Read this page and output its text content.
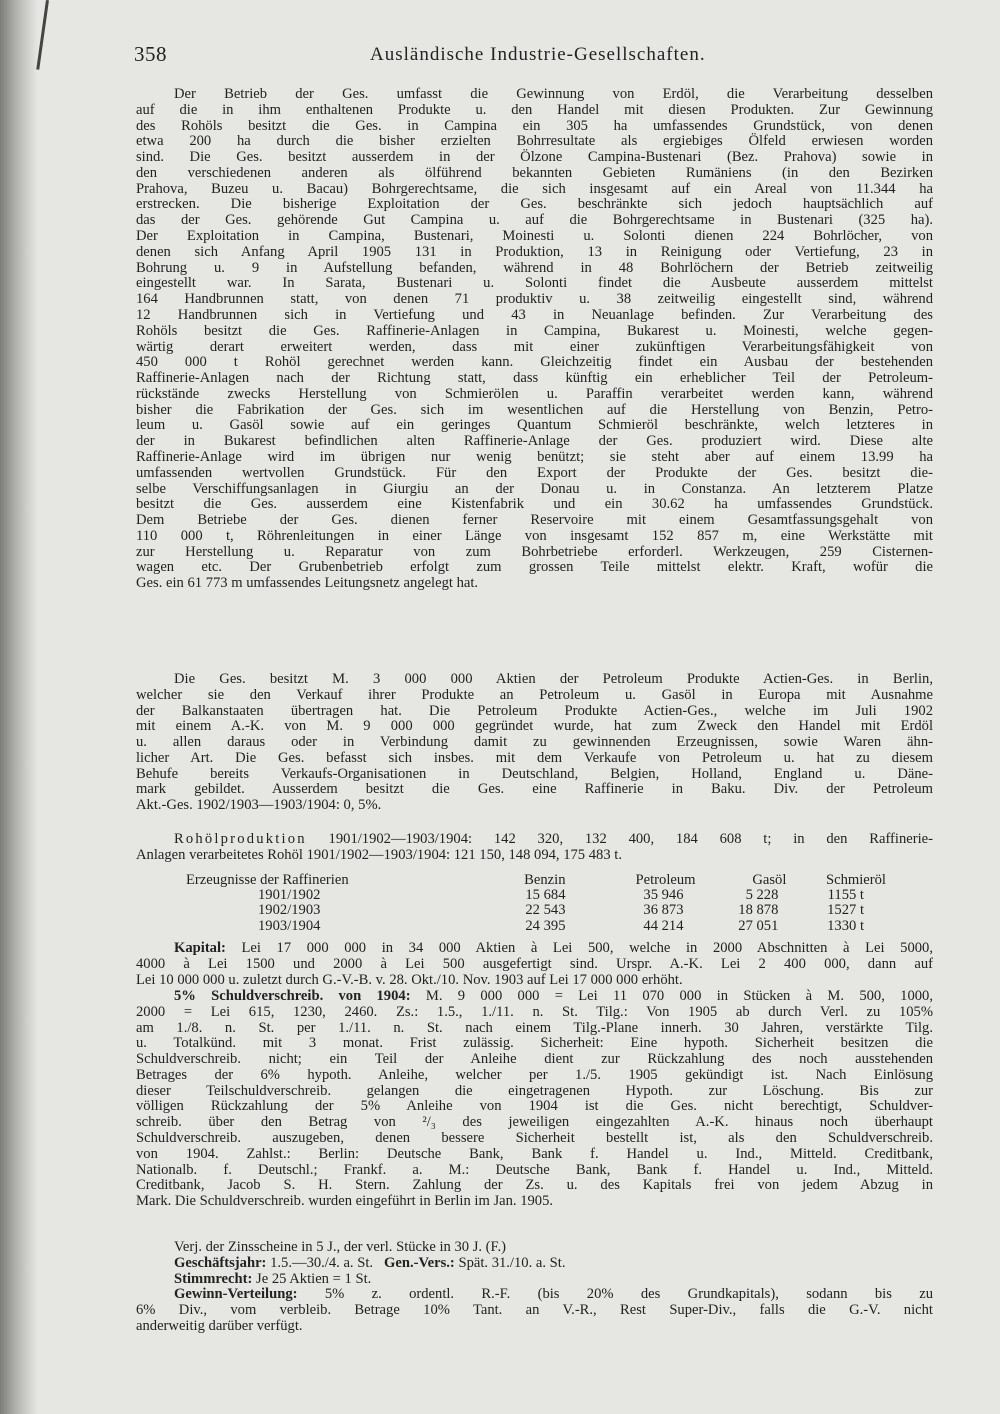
358	Ausländische Industrie-Gesellschaften.
Der Betrieb der Ges. umfasst die Gewinnung von Erdöl, die Verarbeitung desselben
auf die in ihm enthaltenen Produkte u. den Handel mit diesen Produkten. Zur Gewinnung
des Rohöls besitzt die Ges. in Campina ein 305 ha umfassendes Grundstück, von denen
etwa 200 ha durch die bisher erzielten Bohrresultate als ergiebiges Ölfeld erwiesen worden
sind. Die Ges. besitzt ausserdem in der Ölzone Campina-Bustenari (Bez. Prahova) sowie in
den verschiedenen anderen als ölführend bekannten Gebieten Rumäniens (in den Bezirken
Prahova, Buzeu u. Bacau) Bohrgerechtsame, die sich insgesamt auf ein Areal von 11.344 ha
erstrecken. Die bisherige Exploitation der Ges. beschränkte sich jedoch hauptsächlich auf
das der Ges. gehörende Gut Campina u. auf die Bohrgerechtsame in Bustenari (325 ha).
Der Exploitation in Campina, Bustenari, Moinesti u. Solonti dienen 224 Bohrlöcher, von
denen sich Anfang April 1905 131 in Produktion, 13 in Reinigung oder Vertiefung, 23 in
Bohrung u. 9 in Aufstellung befanden, während in 48 Bohrlöchern der Betrieb zeitweilig
eingestellt war. In Sarata, Bustenari u. Solonti findet die Ausbeute ausserdem mittelst
164 Handbrunnen statt, von denen 71 produktiv u. 38 zeitweilig eingestellt sind, während
12 Handbrunnen sich in Vertiefung und 43 in Neuanlage befinden. Zur Verarbeitung des
Rohöls besitzt die Ges. Raffinerie-Anlagen in Campina, Bukarest u. Moinesti, welche gegen-
wärtig derart erweitert werden, dass mit einer zukünftigen Verarbeitungsfähigkeit von
450 000 t Rohöl gerechnet werden kann. Gleichzeitig findet ein Ausbau der bestehenden
Raffinerie-Anlagen nach der Richtung statt, dass künftig ein erheblicher Teil der Petroleum-
rückstände zwecks Herstellung von Schmierölen u. Paraffin verarbeitet werden kann, während
bisher die Fabrikation der Ges. sich im wesentlichen auf die Herstellung von Benzin, Petro-
leum u. Gasöl sowie auf ein geringes Quantum Schmieröl beschränkte, welch letzteres in
der in Bukarest befindlichen alten Raffinerie-Anlage der Ges. produziert wird. Diese alte
Raffinerie-Anlage wird im übrigen nur wenig benützt; sie steht aber auf einem 13.99 ha
umfassenden wertvollen Grundstück. Für den Export der Produkte der Ges. besitzt die-
selbe Verschiffungsanlagen in Giurgiu an der Donau u. in Constanza. An letzterem Platze
besitzt die Ges. ausserdem eine Kistenfabrik und ein 30.62 ha umfassendes Grundstück.
Dem Betriebe der Ges. dienen ferner Reservoire mit einem Gesamtfassungsgehalt von
110 000 t, Röhrenleitungen in einer Länge von insgesamt 152 857 m, eine Werkstätte mit
zur Herstellung u. Reparatur von zum Bohrbetriebe erforderl. Werkzeugen, 259 Cisternen-
wagen etc. Der Grubenbetrieb erfolgt zum grossen Teile mittelst elektr. Kraft, wofür die
Ges. ein 61 773 m umfassendes Leitungsnetz angelegt hat.
Die Ges. besitzt M. 3 000 000 Aktien der Petroleum Produkte Actien-Ges. in Berlin,
welcher sie den Verkauf ihrer Produkte an Petroleum u. Gasöl in Europa mit Ausnahme
der Balkanstaaten übertragen hat. Die Petroleum Produkte Actien-Ges., welche im Juli 1902
mit einem A.-K. von M. 9 000 000 gegründet wurde, hat zum Zweck den Handel mit Erdöl
u. allen daraus oder in Verbindung damit zu gewinnenden Erzeugnissen, sowie Waren ähn-
licher Art. Die Ges. befasst sich insbes. mit dem Verkaufe von Petroleum u. hat zu diesem
Behufe bereits Verkaufs-Organisationen in Deutschland, Belgien, Holland, England u. Däne-
mark gebildet. Ausserdem besitzt die Ges. eine Raffinerie in Baku. Div. der Petroleum
Akt.-Ges. 1902/1903—1903/1904: 0, 5%.
Rohölproduktion 1901/1902—1903/1904: 142 320, 132 400, 184 608 t; in den Raffinerie-
Anlagen verarbeitetes Rohöl 1901/1902—1903/1904: 121 150, 148 094, 175 483 t.
Erzeugnisse der Raffinerien	Benzin	Petroleum	Gasöl	Schmieröl
1901/1902	15 684	35 946	5 228	1155 t
1902/1903	22 543	36 873	18 878	1527 t
1903/1904	24 395	44 214	27 051	1330 t
Kapital: Lei 17 000 000 in 34 000 Aktien à Lei 500, welche in 2000 Abschnitten à Lei 5000,
4000 à Lei 1500 und 2000 à Lei 500 ausgefertigt sind. Urspr. A.-K. Lei 2 400 000, dann auf
Lei 10 000 000 u. zuletzt durch G.-V.-B. v. 28. Okt./10. Nov. 1903 auf Lei 17 000 000 erhöht.
5% Schuldverschreib. von 1904: M. 9 000 000 = Lei 11 070 000 in Stücken à M. 500, 1000,
2000 = Lei 615, 1230, 2460. Zs.: 1.5., 1./11. n. St. Tilg.: Von 1905 ab durch Verl. zu 105%
am 1./8. n. St. per 1./11. n. St. nach einem Tilg.-Plane innerh. 30 Jahren, verstärkte Tilg.
u. Totalkünd. mit 3 monat. Frist zulässig. Sicherheit: Eine hypoth. Sicherheit besitzen die
Schuldverschreib. nicht; ein Teil der Anleihe dient zur Rückzahlung des noch ausstehenden
Betrages der 6% hypoth. Anleihe, welcher per 1./5. 1905 gekündigt ist. Nach Einlösung
dieser Teilschuldverschreib. gelangen die eingetragenen Hypoth. zur Löschung. Bis zur
völligen Rückzahlung der 5% Anleihe von 1904 ist die Ges. nicht berechtigt, Schuldver-
schreib. über den Betrag von ²/₃ des jeweiligen eingezahlten A.-K. hinaus noch überhaupt
Schuldverschreib. auszugeben, denen bessere Sicherheit bestellt ist, als den Schuldverschreib.
von 1904. Zahlst.: Berlin: Deutsche Bank, Bank f. Handel u. Ind., Mitteld. Creditbank,
Nationalb. f. Deutschl.; Frankf. a. M.: Deutsche Bank, Bank f. Handel u. Ind., Mitteld.
Creditbank, Jacob S. H. Stern. Zahlung der Zs. u. des Kapitals frei von jedem Abzug in
Mark. Die Schuldverschreib. wurden eingeführt in Berlin im Jan. 1905.
Verj. der Zinsscheine in 5 J., der verl. Stücke in 30 J. (F.)
Geschäftsjahr: 1.5.—30./4. a. St. Gen.-Vers.: Spät. 31./10. a. St.
Stimmrecht: Je 25 Aktien = 1 St.
Gewinn-Verteilung: 5% z. ordentl. R.-F. (bis 20% des Grundkapitals), sodann bis zu
6% Div., vom verbleib. Betrage 10% Tant. an V.-R., Rest Super-Div., falls die G.-V. nicht
anderweitig darüber verfügt.
